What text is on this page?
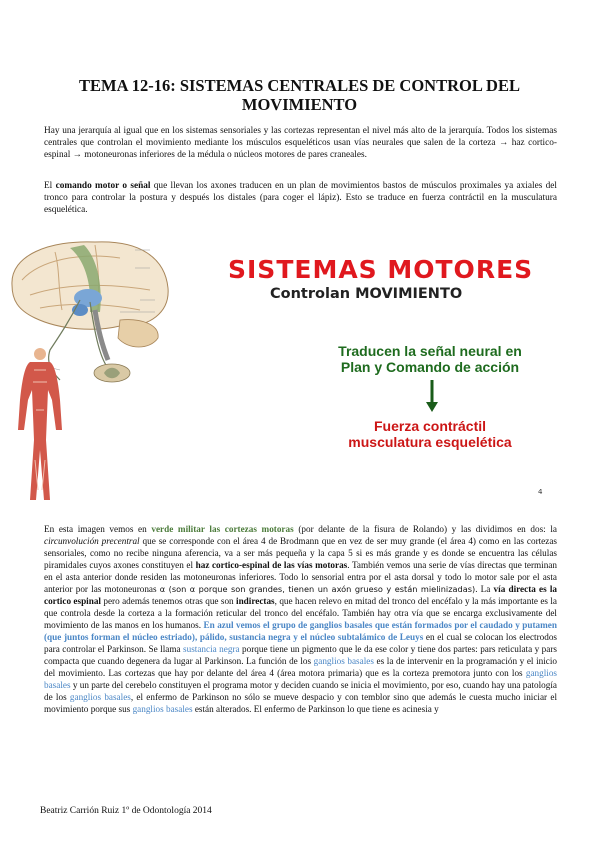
TEMA 12-16: SISTEMAS CENTRALES DE CONTROL DEL
MOVIMIENTO
Hay una jerarquía al igual que en los sistemas sensoriales y las cortezas representan el nivel más alto de la jerarquía. Todos los sistemas centrales que controlan el movimiento mediante los músculos esqueléticos usan vías neurales que salen de la corteza → haz cortico-espinal → motoneuronas inferiores de la médula o núcleos motores de pares craneales.
El comando motor o señal que llevan los axones traducen en un plan de movimientos bastos de músculos proximales ya axiales del tronco para controlar la postura y después los distales (para coger el lápiz). Esto se traduce en fuerza contráctil en la musculatura esquelética.
SISTEMAS MOTORES
Controlan MOVIMIENTO
Traducen la señal neural en
Plan y Comando de acción
Fuerza contráctil
musculatura esquelética
4
En esta imagen vemos en verde militar las cortezas motoras (por delante de la fisura de Rolando) y las dividimos en dos: la circunvolución precentral que se corresponde con el área 4 de Brodmann que en vez de ser muy grande (el área 4) como en las cortezas sensoriales, como no recibe ninguna aferencia, va a ser más pequeña y la capa 5 si es más grande y es donde se encuentra las células piramidales cuyos axones constituyen el haz cortico-espinal de las vías motoras. También vemos una serie de vías directas que terminan en el asta anterior donde residen las motoneuronas inferiores. Todo lo sensorial entra por el asta dorsal y todo lo motor sale por el asta anterior por las motoneuronas α (son α porque son grandes, tienen un axón grueso y están mielinizadas). La vía directa es la cortico espinal pero además tenemos otras que son indirectas, que hacen relevo en mitad del tronco del encéfalo y la más importante es la que controla desde la corteza a la formación reticular del tronco del encéfalo. También hay otra vía que se encarga exclusivamente del movimiento de las manos en los humanos. En azul vemos el grupo de ganglios basales que están formados por el caudado y putamen (que juntos forman el núcleo estriado), pálido, sustancia negra y el núcleo subtalámico de Leuys en el cual se colocan los electrodos para controlar el Parkinson. Se llama sustancia negra porque tiene un pigmento que le da ese color y tiene dos partes: pars reticulata y pars compacta que cuando degenera da lugar al Parkinson. La función de los ganglios basales es la de intervenir en la programación y el inicio del movimiento. Las cortezas que hay por delante del área 4 (área motora primaria) que es la corteza premotora junto con los ganglios basales y un parte del cerebelo constituyen el programa motor y deciden cuando se inicia el movimiento, por eso, cuando hay una patología de los ganglios basales, el enfermo de Parkinson no sólo se mueve despacio y con temblor sino que además le cuesta mucho iniciar el movimiento porque sus ganglios basales están alterados. El enfermo de Parkinson lo que tiene es acinesia y
Beatriz Carrión Ruiz 1º de Odontología 2014
